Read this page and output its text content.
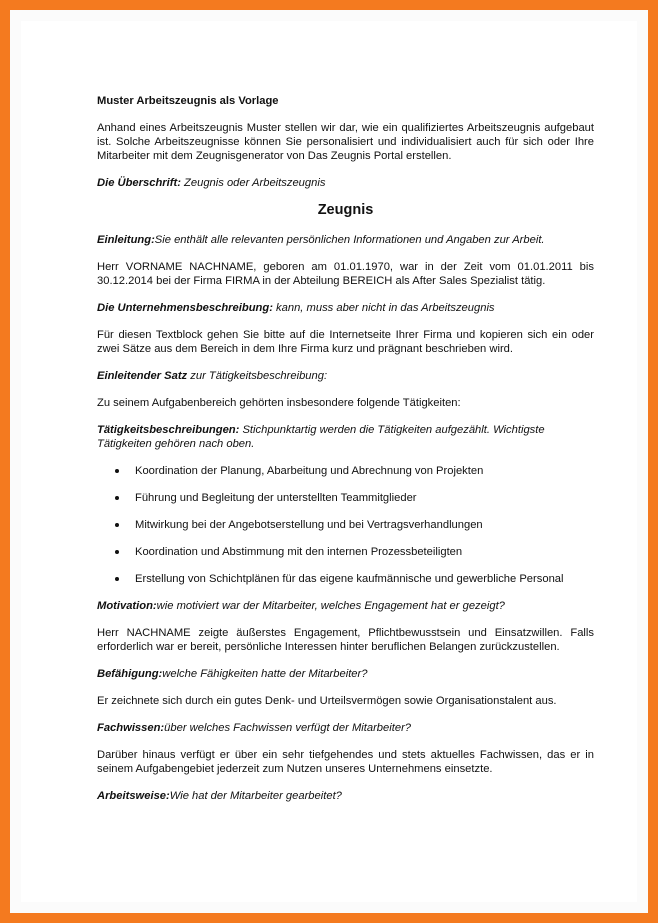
Muster Arbeitszeugnis als Vorlage

Anhand eines Arbeitszeugnis Muster stellen wir dar, wie ein qualifiziertes Arbeitszeugnis aufgebaut ist. Solche Arbeitszeugnisse können Sie personalisiert und individualisiert auch für sich oder Ihre Mitarbeiter mit dem Zeugnisgenerator von Das Zeugnis Portal erstellen.

Die Überschrift: Zeugnis oder Arbeitszeugnis

Zeugnis

Einleitung:Sie enthält alle relevanten persönlichen Informationen und Angaben zur Arbeit.

Herr VORNAME NACHNAME, geboren am 01.01.1970, war in der Zeit vom 01.01.2011 bis 30.12.2014 bei der Firma FIRMA in der Abteilung BEREICH als After Sales Spezialist tätig.

Die Unternehmensbeschreibung: kann, muss aber nicht in das Arbeitszeugnis

Für diesen Textblock gehen Sie bitte auf die Internetseite Ihrer Firma und kopieren sich ein oder zwei Sätze aus dem Bereich in dem Ihre Firma kurz und prägnant beschrieben wird.

Einleitender Satz zur Tätigkeitsbeschreibung:

Zu seinem Aufgabenbereich gehörten insbesondere folgende Tätigkeiten:

Tätigkeitsbeschreibungen: Stichpunktartig werden die Tätigkeiten aufgezählt. Wichtigste Tätigkeiten gehören nach oben.

Koordination der Planung, Abarbeitung und Abrechnung von Projekten
Führung und Begleitung der unterstellten Teammitglieder
Mitwirkung bei der Angebotserstellung und bei Vertragsverhandlungen
Koordination und Abstimmung mit den internen Prozessbeteiligten
Erstellung von Schichtplänen für das eigene kaufmännische und gewerbliche Personal

Motivation:wie motiviert war der Mitarbeiter, welches Engagement hat er gezeigt?

Herr NACHNAME zeigte äußerstes Engagement, Pflichtbewusstsein und Einsatzwillen. Falls erforderlich war er bereit, persönliche Interessen hinter beruflichen Belangen zurückzustellen.

Befähigung:welche Fähigkeiten hatte der Mitarbeiter?

Er zeichnete sich durch ein gutes Denk- und Urteilsvermögen sowie Organisationstalent aus.

Fachwissen:über welches Fachwissen verfügt der Mitarbeiter?

Darüber hinaus verfügt er über ein sehr tiefgehendes und stets aktuelles Fachwissen, das er in seinem Aufgabengebiet jederzeit zum Nutzen unseres Unternehmens einsetzte.

Arbeitsweise:Wie hat der Mitarbeiter gearbeitet?
